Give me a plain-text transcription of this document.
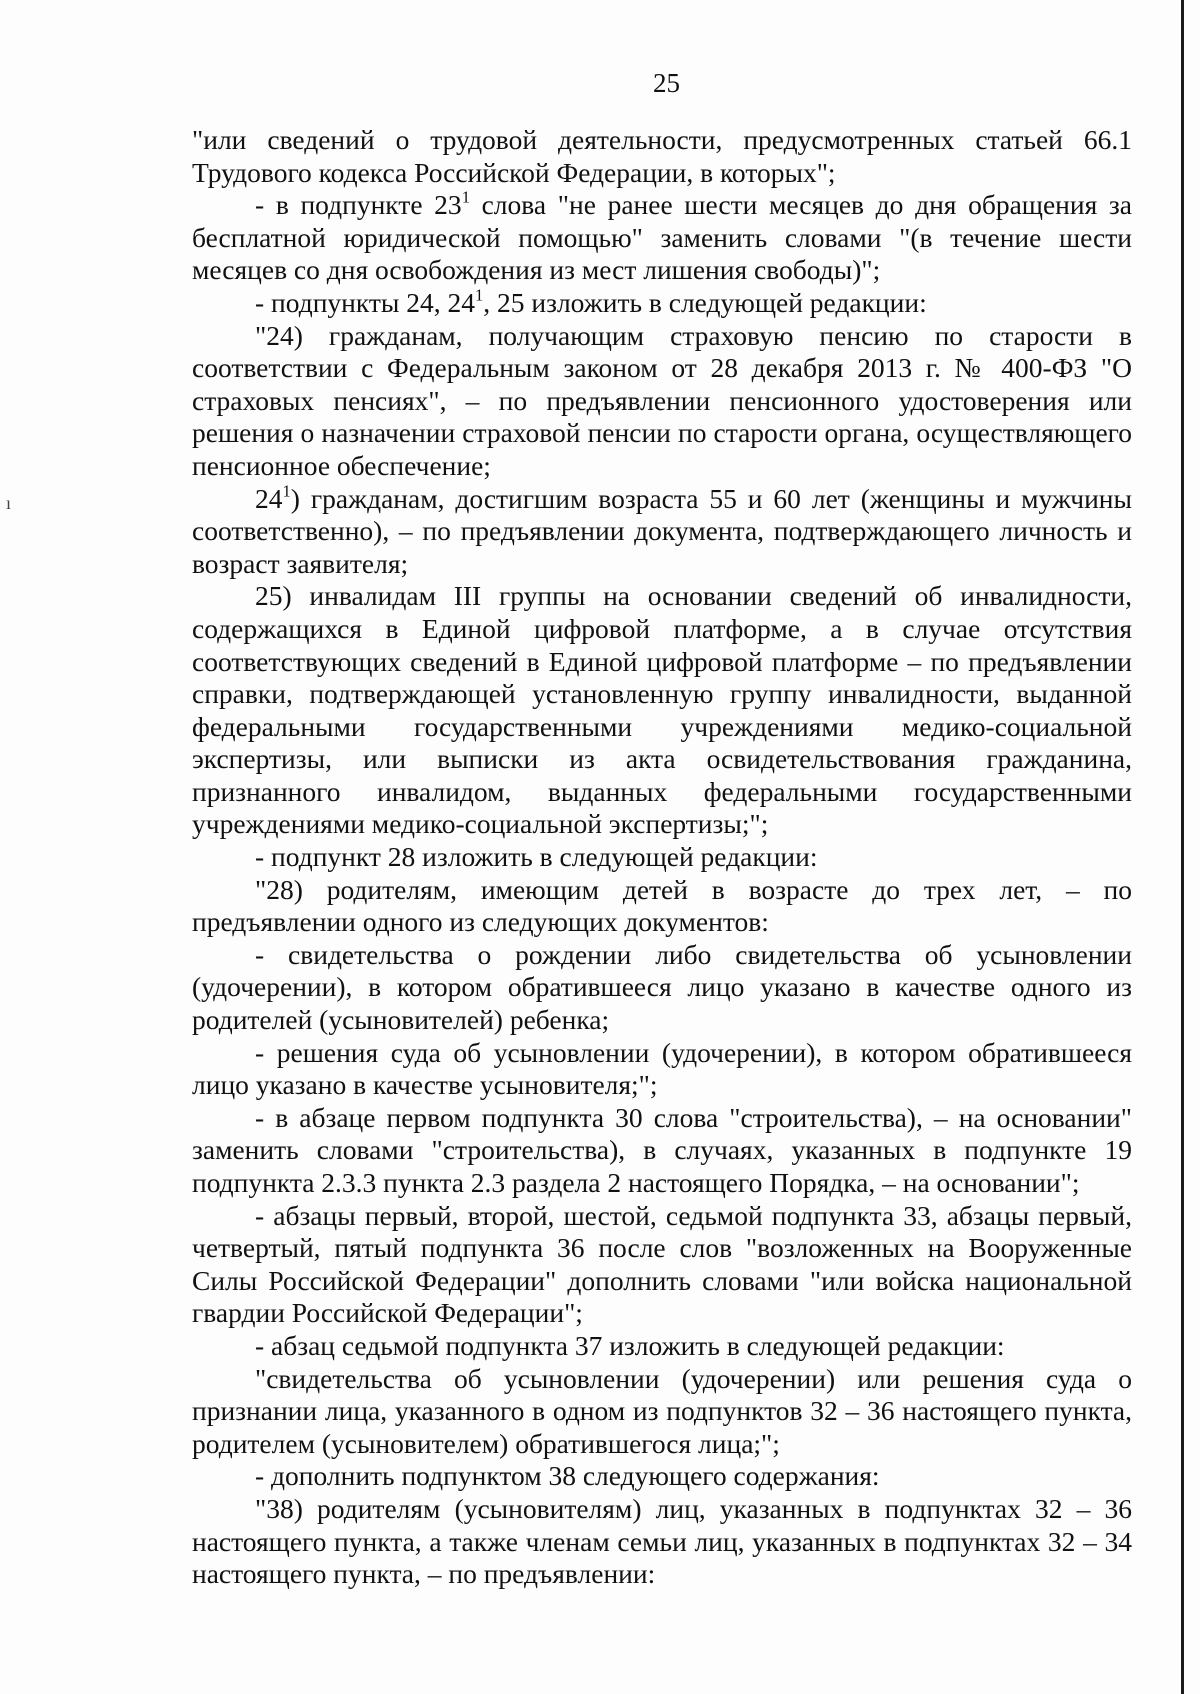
ı
25

"или сведений о трудовой деятельности, предусмотренных статьей 66.1 Трудового кодекса Российской Федерации, в которых";

- в подпункте $23^1$ слова "не ранее шести месяцев до дня обращения за бесплатной юридической помощью" заменить словами "(в течение шести месяцев со дня освобождения из мест лишения свободы)";

- подпункты 24, $24^1$, 25 изложить в следующей редакции:

"24) гражданам, получающим страховую пенсию по старости в соответствии с Федеральным законом от 28 декабря 2013 г. № 400-ФЗ "О страховых пенсиях", – по предъявлении пенсионного удостоверения или решения о назначении страховой пенсии по старости органа, осуществляющего пенсионное обеспечение;

$24^1$) гражданам, достигшим возраста 55 и 60 лет (женщины и мужчины соответственно), – по предъявлении документа, подтверждающего личность и возраст заявителя;

25) инвалидам III группы на основании сведений об инвалидности, содержащихся в Единой цифровой платформе, а в случае отсутствия соответствующих сведений в Единой цифровой платформе – по предъявлении справки, подтверждающей установленную группу инвалидности, выданной федеральными государственными учреждениями медико-социальной экспертизы, или выписки из акта освидетельствования гражданина, признанного инвалидом, выданных федеральными государственными учреждениями медико-социальной экспертизы;";

- подпункт 28 изложить в следующей редакции:

"28) родителям, имеющим детей в возрасте до трех лет, – по предъявлении одного из следующих документов:

- свидетельства о рождении либо свидетельства об усыновлении (удочерении), в котором обратившееся лицо указано в качестве одного из родителей (усыновителей) ребенка;

- решения суда об усыновлении (удочерении), в котором обратившееся лицо указано в качестве усыновителя;";

- в абзаце первом подпункта 30 слова "строительства), – на основании" заменить словами "строительства), в случаях, указанных в подпункте 19 подпункта 2.3.3 пункта 2.3 раздела 2 настоящего Порядка, – на основании";

- абзацы первый, второй, шестой, седьмой подпункта 33, абзацы первый, четвертый, пятый подпункта 36 после слов "возложенных на Вооруженные Силы Российской Федерации" дополнить словами "или войска национальной гвардии Российской Федерации";

- абзац седьмой подпункта 37 изложить в следующей редакции:

"свидетельства об усыновлении (удочерении) или решения суда о признании лица, указанного в одном из подпунктов 32 – 36 настоящего пункта, родителем (усыновителем) обратившегося лица;";

- дополнить подпунктом 38 следующего содержания:

"38) родителям (усыновителям) лиц, указанных в подпунктах 32 – 36 настоящего пункта, а также членам семьи лиц, указанных в подпунктах 32 – 34 настоящего пункта, – по предъявлении:
